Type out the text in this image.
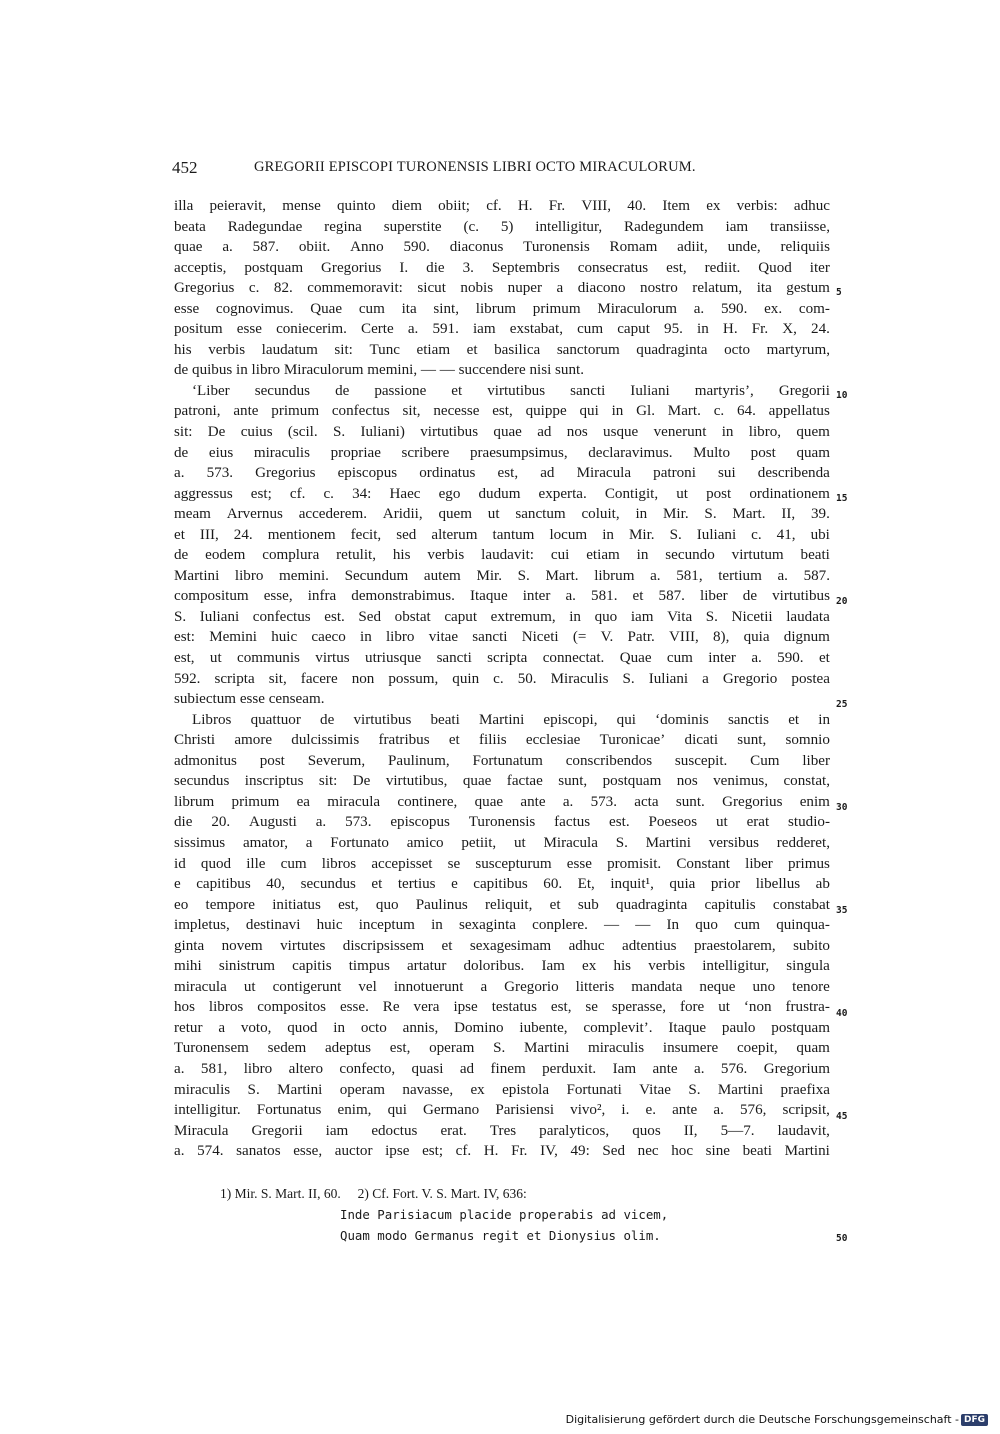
452	GREGORII EPISCOPI TURONENSIS LIBRI OCTO MIRACULORUM.
illa peieravit, mense quinto diem obiit; cf. H. Fr. VIII, 40. Item ex verbis: adhuc
beata Radegundae regina superstite (c. 5) intelligitur, Radegundem iam transiisse,
quae a. 587. obiit. Anno 590. diaconus Turonensis Romam adiit, unde, reliquiis
acceptis, postquam Gregorius I. die 3. Septembris consecratus est, rediit. Quod iter
Gregorius c. 82. commemoravit: sicut nobis nuper a diacono nostro relatum, ita gestum
esse cognovimus. Quae cum ita sint, librum primum Miraculorum a. 590. ex. com-
positum esse coniecerim. Certe a. 591. iam exstabat, cum caput 95. in H. Fr. X, 24.
his verbis laudatum sit: Tunc etiam et basilica sanctorum quadraginta octo martyrum,
de quibus in libro Miraculorum memini, — — succendere nisi sunt.
‘Liber secundus de passione et virtutibus sancti Iuliani martyris’, Gregorii
patroni, ante primum confectus sit, necesse est, quippe qui in Gl. Mart. c. 64. appellatus
sit: De cuius (scil. S. Iuliani) virtutibus quae ad nos usque venerunt in libro, quem
de eius miraculis propriae scribere praesumpsimus, declaravimus. Multo post quam
a. 573. Gregorius episcopus ordinatus est, ad Miracula patroni sui describenda
aggressus est; cf. c. 34: Haec ego dudum experta. Contigit, ut post ordinationem
meam Arvernus accederem. Aridii, quem ut sanctum coluit, in Mir. S. Mart. II, 39.
et III, 24. mentionem fecit, sed alterum tantum locum in Mir. S. Iuliani c. 41, ubi
de eodem complura retulit, his verbis laudavit: cui etiam in secundo virtutum beati
Martini libro memini. Secundum autem Mir. S. Mart. librum a. 581, tertium a. 587.
compositum esse, infra demonstrabimus. Itaque inter a. 581. et 587. liber de virtutibus
S. Iuliani confectus est. Sed obstat caput extremum, in quo iam Vita S. Nicetii laudata
est: Memini huic caeco in libro vitae sancti Niceti (= V. Patr. VIII, 8), quia dignum
est, ut communis virtus utriusque sancti scripta connectat. Quae cum inter a. 590. et
592. scripta sit, facere non possum, quin c. 50. Miraculis S. Iuliani a Gregorio postea
subiectum esse censeam.
Libros quattuor de virtutibus beati Martini episcopi, qui ‘dominis sanctis et in
Christi amore dulcissimis fratribus et filiis ecclesiae Turonicae’ dicati sunt, somnio
admonitus post Severum, Paulinum, Fortunatum conscribendos suscepit. Cum liber
secundus inscriptus sit: De virtutibus, quae factae sunt, postquam nos venimus, constat,
librum primum ea miracula continere, quae ante a. 573. acta sunt. Gregorius enim
die 20. Augusti a. 573. episcopus Turonensis factus est. Poeseos ut erat studio-
sissimus amator, a Fortunato amico petiit, ut Miracula S. Martini versibus redderet,
id quod ille cum libros accepisset se suscepturum esse promisit. Constant liber primus
e capitibus 40, secundus et tertius e capitibus 60. Et, inquit¹, quia prior libellus ab
eo tempore initiatus est, quo Paulinus reliquit, et sub quadraginta capitulis constabat
impletus, destinavi huic inceptum in sexaginta conplere. — — In quo cum quinqua-
ginta novem virtutes discripsissem et sexagesimam adhuc adtentius praestolarem, subito
mihi sinistrum capitis timpus artatur doloribus. Iam ex his verbis intelligitur, singula
miracula ut contigerunt vel innotuerunt a Gregorio litteris mandata neque uno tenore
hos libros compositos esse. Re vera ipse testatus est, se sperasse, fore ut ‘non frustra-
retur a voto, quod in octo annis, Domino iubente, complevit’. Itaque paulo postquam
Turonensem sedem adeptus est, operam S. Martini miraculis insumere coepit, quam
a. 581, libro altero confecto, quasi ad finem perduxit. Iam ante a. 576. Gregorium
miraculis S. Martini operam navasse, ex epistola Fortunati Vitae S. Martini praefixa
intelligitur. Fortunatus enim, qui Germano Parisiensi vivo², i. e. ante a. 576, scripsit,
Miracula Gregorii iam edoctus erat. Tres paralyticos, quos II, 5—7. laudavit,
a. 574. sanatos esse, auctor ipse est; cf. H. Fr. IV, 49: Sed nec hoc sine beati Martini
5
10
15
20
25
30
35
40
45
50
1) Mir. S. Mart. II, 60.     2) Cf. Fort. V. S. Mart. IV, 636:
Inde Parisiacum placide properabis ad vicem,
Quam modo Germanus regit et Dionysius olim.
Digitalisierung gefördert durch die Deutsche Forschungsgemeinschaft - DFG
